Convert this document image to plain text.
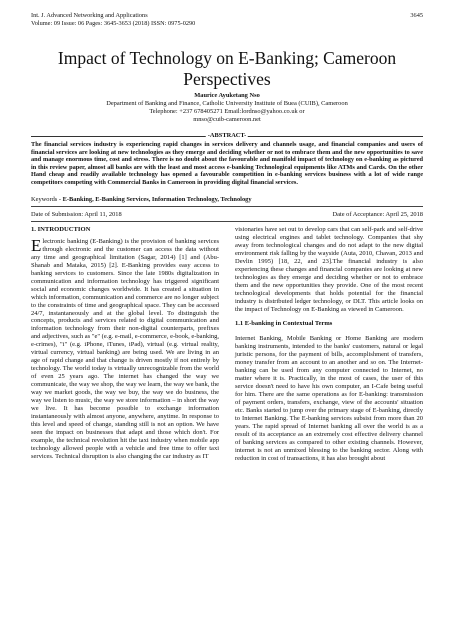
Int. J. Advanced Networking and Applications
Volume: 09 Issue: 06 Pages: 3645-3653 (2018) ISSN: 0975-0290
3645
Impact of Technology on E-Banking; Cameroon Perspectives
Maurice Ayuketang Nso
Department of Banking and Finance, Catholic University Institute of Buea (CUIB), Cameroon
Telephone: +237 678405271 Email:lordnso@yahoo.co.uk or
mnso@cuib-cameroon.net
-ABSTRACT-

The financial services industry is experiencing rapid changes in services delivery and channels usage, and financial companies and users of financial services are looking at new technologies as they emerge and deciding whether or not to embrace them and the new opportunities to save and manage enormous time, cost and stress. There is no doubt about the favourable and manifold impact of technology on e-banking as pictured in this review paper, almost all banks are with the least and most access e-banking Technological equipments like ATMs and Cards. On the other Hand cheap and readily available technology has opened a favourable competition in e-banking services business with a lot of wide range competitors competing with Commercial Banks in Cameroon in providing digital financial services.

Keywords - E-Banking, E-Banking Services, Information Technology, Technology
Date of Submission: April 11, 2018	Date of Acceptance: April 25, 2018
1. INTRODUCTION

Electronic banking (E-Banking) is the provision of banking services through electronic and the customer can access the data without any time and geographical limitation (Sagar, 2014) [1] and (Abu-Shanab and Mataka, 2015) [2]. E-Banking provides easy access to banking services to customers. Since the late 1980s digitalization in communication and information technology has triggered significant social and economic changes worldwide. It has created a situation in which information, communication and commerce are no longer subject to the constraints of time and geographical space. They can be accessed 24/7, instantaneously and at the global level. To distinguish the concepts, products and services related to digital communication and information technology from their non-digital counterparts, prefixes and adjectives, such as "e" (e.g. e-mail, e-commerce, e-book, e-banking, e-crimes), "i" (e.g. iPhone, iTunes, iPad), virtual (e.g. virtual reality, virtual currency, virtual banking) are being used. We are living in an age of rapid change and that change is driven mostly if not entirely by technology. The world today is virtually unrecognizable from the world of even 25 years ago. The internet has changed the way we communicate, the way we shop, the way we learn, the way we bank, the way we market goods, the way we buy, the way we do business, the way we listen to music, the way we store information – in short the way we live. It has become possible to exchange information instantaneously with almost anyone, anywhere, anytime. In response to this level and speed of change, standing still is not an option. We have seen the impact on businesses that adapt and those which don't. For example, the technical revolution hit the taxi industry when mobile app technology allowed people with a vehicle and free time to offer taxi services. Technical disruption is also changing the car industry as IT

visionaries have set out to develop cars that can self-park and self-drive using electrical engines and tablet technology. Companies that shy away from technological changes and do not adapt to the new digital environment risk falling by the wayside (Auta, 2010, Chavan, 2013 and Devlin 1995) [18, 22, and 23].The financial industry is also experiencing these changes and financial companies are looking at new technologies as they emerge and deciding whether or not to embrace them and the new opportunities they provide. One of the most recent technological developments that holds potential for the financial industry is distributed ledger technology, or DLT. This article looks on the impact of Technology on E-Banking as viewed in Cameroon.

1.1 E-banking in Contextual Terms

Internet Banking, Mobile Banking or Home Banking are modern banking instruments, intended to the banks' customers, natural or legal juristic persons, for the payment of bills, accomplishment of transfers, money transfer from an account to an another and so on. The Internet-banking can be used from any computer connected to Internet, no matter where it is. Practically, in the most of cases, the user of this service doesn't need to have his own computer, an I-Cafe being useful for him. There are the same operations as for E-banking: transmission of payment orders, transfers, exchange, view of the accounts' situation etc. Banks started to jump over the primary stage of E-banking, directly to Internet Banking. The E-banking services subsist from more than 20 years. The rapid spread of Internet banking all over the world is as a result of its acceptance as an extremely cost effective delivery channel of banking services as compared to other existing channels. However, internet is not an unmixed blessing to the banking sector. Along with reduction in cost of transactions, it has also brought about
